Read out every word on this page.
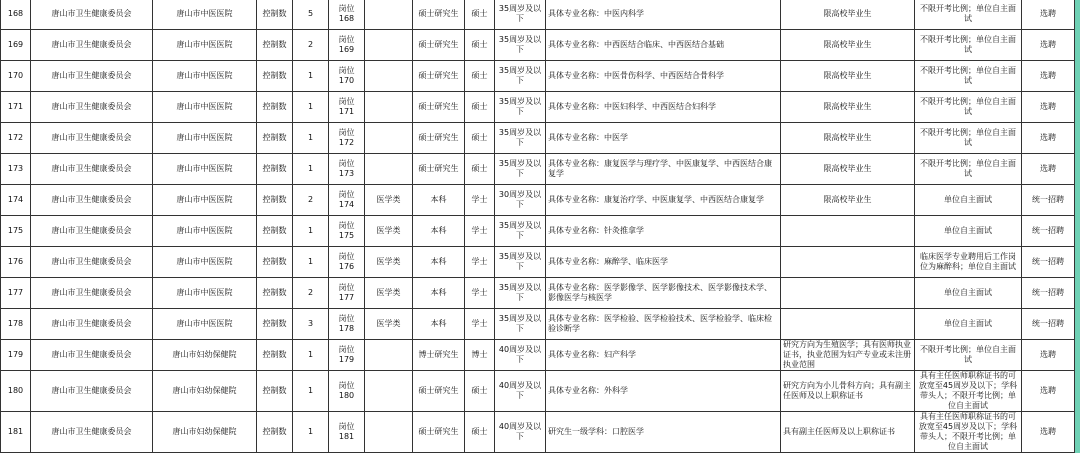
168	唐山市卫生健康委员会	唐山市中医医院	控制数	5	岗位168		硕士研究生	硕士	35周岁及以下	具体专业名称：中医内科学	限高校毕业生	不限开考比例；单位自主面试	选聘	
169	唐山市卫生健康委员会	唐山市中医医院	控制数	2	岗位169		硕士研究生	硕士	35周岁及以下	具体专业名称：中西医结合临床、中西医结合基础	限高校毕业生	不限开考比例；单位自主面试	选聘	
170	唐山市卫生健康委员会	唐山市中医医院	控制数	1	岗位170		硕士研究生	硕士	35周岁及以下	具体专业名称：中医骨伤科学、中西医结合骨科学	限高校毕业生	不限开考比例；单位自主面试	选聘	
171	唐山市卫生健康委员会	唐山市中医医院	控制数	1	岗位171		硕士研究生	硕士	35周岁及以下	具体专业名称：中医妇科学、中西医结合妇科学	限高校毕业生	不限开考比例；单位自主面试	选聘	
172	唐山市卫生健康委员会	唐山市中医医院	控制数	1	岗位172		硕士研究生	硕士	35周岁及以下	具体专业名称：中医学	限高校毕业生	不限开考比例；单位自主面试	选聘	
173	唐山市卫生健康委员会	唐山市中医医院	控制数	1	岗位173		硕士研究生	硕士	35周岁及以下	具体专业名称：康复医学与理疗学、中医康复学、中西医结合康复学	限高校毕业生	不限开考比例；单位自主面试	选聘	
174	唐山市卫生健康委员会	唐山市中医医院	控制数	2	岗位174	医学类	本科	学士	30周岁及以下	具体专业名称：康复治疗学、中医康复学、中西医结合康复学	限高校毕业生	单位自主面试	统一招聘	
175	唐山市卫生健康委员会	唐山市中医医院	控制数	1	岗位175	医学类	本科	学士	35周岁及以下	具体专业名称：针灸推拿学		单位自主面试	统一招聘	
176	唐山市卫生健康委员会	唐山市中医医院	控制数	1	岗位176	医学类	本科	学士	35周岁及以下	具体专业名称：麻醉学、临床医学		临床医学专业聘用后工作岗位为麻醉科；单位自主面试	统一招聘	
177	唐山市卫生健康委员会	唐山市中医医院	控制数	2	岗位177	医学类	本科	学士	35周岁及以下	具体专业名称：医学影像学、医学影像技术、医学影像技术学、影像医学与核医学		单位自主面试	统一招聘	
178	唐山市卫生健康委员会	唐山市中医医院	控制数	3	岗位178	医学类	本科	学士	35周岁及以下	具体专业名称：医学检验、医学检验技术、医学检验学、临床检验诊断学		单位自主面试	统一招聘	
179	唐山市卫生健康委员会	唐山市妇幼保健院	控制数	1	岗位179		博士研究生	博士	40周岁及以下	具体专业名称：妇产科学	研究方向为生殖医学；具有医师执业证书，执业范围为妇产专业或未注册执业范围	不限开考比例；单位自主面试	选聘	
180	唐山市卫生健康委员会	唐山市妇幼保健院	控制数	1	岗位180		硕士研究生	硕士	40周岁及以下	具体专业名称：外科学	研究方向为小儿骨科方向；具有副主任医师及以上职称证书	具有主任医师职称证书的可放宽至45周岁及以下；学科带头人；不限开考比例；单位自主面试	选聘	
181	唐山市卫生健康委员会	唐山市妇幼保健院	控制数	1	岗位181		硕士研究生	硕士	40周岁及以下	研究生一级学科：口腔医学	具有副主任医师及以上职称证书	具有主任医师职称证书的可放宽至45周岁及以下；学科带头人；不限开考比例；单位自主面试	选聘	
